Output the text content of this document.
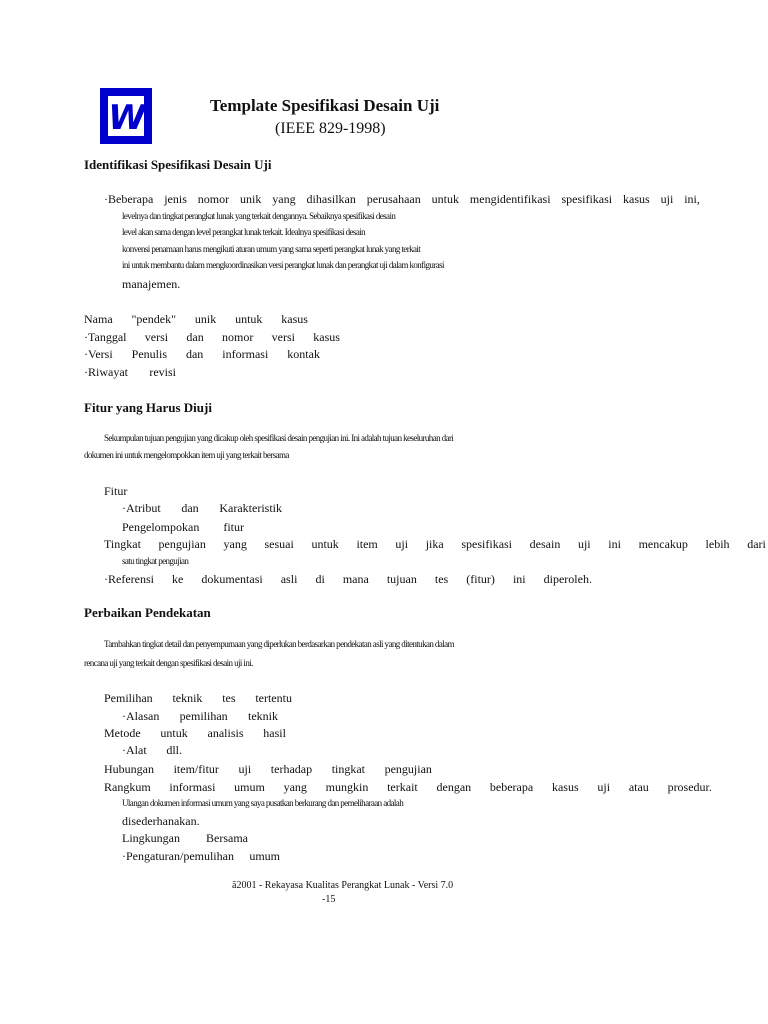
W	Template Spesifikasi Desain Uji
(IEEE 829-1998)
Identifikasi Spesifikasi Desain Uji
·Beberapa jenis nomor unik yang dihasilkan perusahaan untuk mengidentifikasi spesifikasi kasus uji ini,
levelnya dan tingkat perangkat lunak yang terkait dengannya. Sebaiknya spesifikasi desain
level akan sama dengan level perangkat lunak terkait. Idealnya spesifikasi desain
konvensi penamaan harus mengikuti aturan umum yang sama seperti perangkat lunak yang terkait
ini untuk membantu dalam mengkoordinasikan versi perangkat lunak dan perangkat uji dalam konfigurasi
manajemen.
Nama "pendek" unik untuk kasus
·Tanggal versi dan nomor versi kasus
·Versi Penulis dan informasi kontak
·Riwayat revisi
Fitur yang Harus Diuji
Sekumpulan tujuan pengujian yang dicakup oleh spesifikasi desain pengujian ini. Ini adalah tujuan keseluruhan dari
dokumen ini untuk mengelompokkan item uji yang terkait bersama
Fitur
·Atribut dan Karakteristik
Pengelompokan fitur
Tingkat pengujian yang sesuai untuk item uji jika spesifikasi desain uji ini mencakup lebih dari
satu tingkat pengujian
·Referensi ke dokumentasi asli di mana tujuan tes (fitur) ini diperoleh.
Perbaikan Pendekatan
Tambahkan tingkat detail dan penyempurnaan yang diperlukan berdasarkan pendekatan asli yang ditentukan dalam
rencana uji yang terkait dengan spesifikasi desain uji ini.
Pemilihan teknik tes tertentu
·Alasan pemilihan teknik
Metode untuk analisis hasil
·Alat dll.
Hubungan item/fitur uji terhadap tingkat pengujian
Rangkum informasi umum yang mungkin terkait dengan beberapa kasus uji atau prosedur.
Ulangan dokumen informasi umum yang saya pusatkan berkurang dan pemeliharaan adalah
disederhanakan.
Lingkungan Bersama
·Pengaturan/pemulihan umum
ã2001 - Rekayasa Kualitas Perangkat Lunak - Versi 7.0
-15
